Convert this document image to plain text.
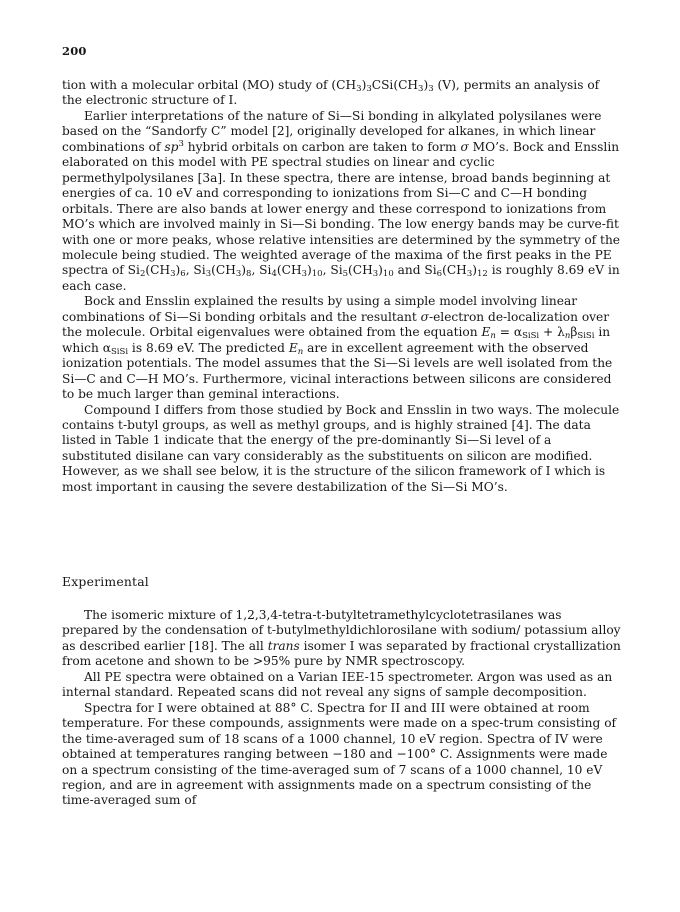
200

tion with a molecular orbital (MO) study of $(CH_3)_3CSi(CH_3)_3$ (V), permits an analysis of the electronic structure of I.

Earlier interpretations of the nature of Si—Si bonding in alkylated polysilanes were based on the “Sandorfy C” model [2], originally developed for alkanes, in which linear combinations of $sp^3$ hybrid orbitals on carbon are taken to form σ MO’s. Bock and Ensslin elaborated on this model with PE spectral studies on linear and cyclic permethylpolysilanes [3a]. In these spectra, there are intense, broad bands beginning at energies of ca. 10 eV and corresponding to ionizations from Si—C and C—H bonding orbitals. There are also bands at lower energy and these correspond to ionizations from MO’s which are involved mainly in Si—Si bonding. The low energy bands may be curve-fit with one or more peaks, whose relative intensities are determined by the symmetry of the molecule being studied. The weighted average of the maxima of the first peaks in the PE spectra of $Si_2(CH_3)_6$, $Si_3(CH_3)_8$, $Si_4(CH_3)_{10}$, $Si_5(CH_3)_{10}$ and $Si_6(CH_3)_{12}$ is roughly 8.69 eV in each case.

Bock and Ensslin explained the results by using a simple model involving linear combinations of Si—Si bonding orbitals and the resultant σ-electron de-localization over the molecule. Orbital eigenvalues were obtained from the equation $E_n = \alpha_{SiSi} + \lambda_n\beta_{SiSi}$ in which $\alpha_{SiSi}$ is 8.69 eV. The predicted $E_n$ are in excellent agreement with the observed ionization potentials. The model assumes that the Si—Si levels are well isolated from the Si—C and C—H MO’s. Furthermore, vicinal interactions between silicons are considered to be much larger than geminal interactions.

Compound I differs from those studied by Bock and Ensslin in two ways. The molecule contains t-butyl groups, as well as methyl groups, and is highly strained [4]. The data listed in Table 1 indicate that the energy of the pre-dominantly Si—Si level of a substituted disilane can vary considerably as the substituents on silicon are modified. However, as we shall see below, it is the structure of the silicon framework of I which is most important in causing the severe destabilization of the Si—Si MO’s.

Experimental

The isomeric mixture of 1,2,3,4-tetra-t-butyltetramethylcyclotetrasilanes was prepared by the condensation of t-butylmethyldichlorosilane with sodium/ potassium alloy as described earlier [18]. The all trans isomer I was separated by fractional crystallization from acetone and shown to be >95% pure by NMR spectroscopy.

All PE spectra were obtained on a Varian IEE-15 spectrometer. Argon was used as an internal standard. Repeated scans did not reveal any signs of sample decomposition.

Spectra for I were obtained at 88° C. Spectra for II and III were obtained at room temperature. For these compounds, assignments were made on a spec-trum consisting of the time-averaged sum of 18 scans of a 1000 channel, 10 eV region. Spectra of IV were obtained at temperatures ranging between −180 and −100° C. Assignments were made on a spectrum consisting of the time-averaged sum of 7 scans of a 1000 channel, 10 eV region, and are in agreement with assignments made on a spectrum consisting of the time-averaged sum of
